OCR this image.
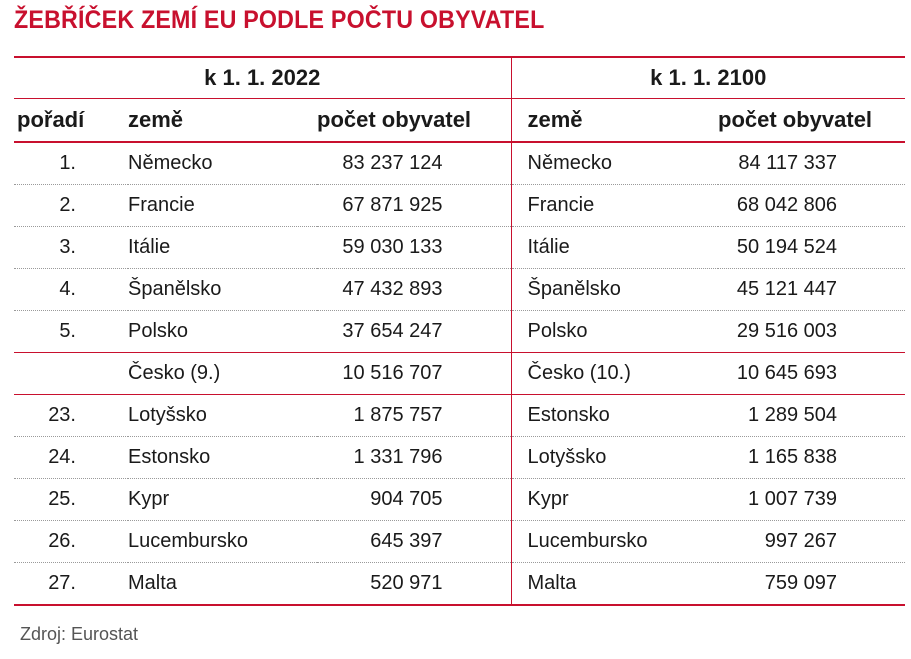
ŽEBŘÍČEK ZEMÍ EU PODLE POČTU OBYVATEL
k 1. 1. 2022			k 1. 1. 2100	
pořadí	země	počet obyvatel	země	počet obyvatel
1.	Německo	83 237 124	Německo	84 117 337
2.	Francie	67 871 925	Francie	68 042 806
3.	Itálie	59 030 133	Itálie	50 194 524
4.	Španělsko	47 432 893	Španělsko	45 121 447
5.	Polsko	37 654 247	Polsko	29 516 003
	Česko (9.)	10 516 707	Česko (10.)	10 645 693
23.	Lotyšsko	1 875 757	Estonsko	1 289 504
24.	Estonsko	1 331 796	Lotyšsko	1 165 838
25.	Kypr	904 705	Kypr	1 007 739
26.	Lucembursko	645 397	Lucembursko	997 267
27.	Malta	520 971	Malta	759 097
Zdroj: Eurostat
